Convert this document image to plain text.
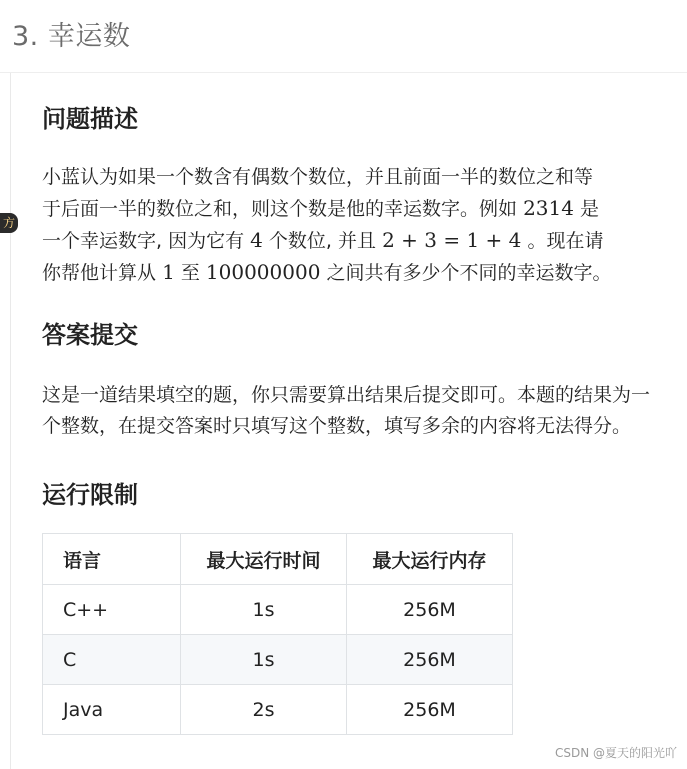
3. 幸运数
方
问题描述

小蓝认为如果一个数含有偶数个数位，并且前面一半的数位之和等
于后面一半的数位之和，则这个数是他的幸运数字。例如 2314 是
一个幸运数字, 因为它有 4 个数位, 并且 2 + 3 = 1 + 4 。现在请
你帮他计算从 1 至 100000000 之间共有多少个不同的幸运数字。

答案提交

这是一道结果填空的题，你只需要算出结果后提交即可。本题的结果为一个整数，在提交答案时只填写这个整数，填写多余的内容将无法得分。

运行限制
语言	最大运行时间	最大运行内存
C++	1s	256M
C	1s	256M
Java	2s	256M
CSDN @夏天的阳光吖
